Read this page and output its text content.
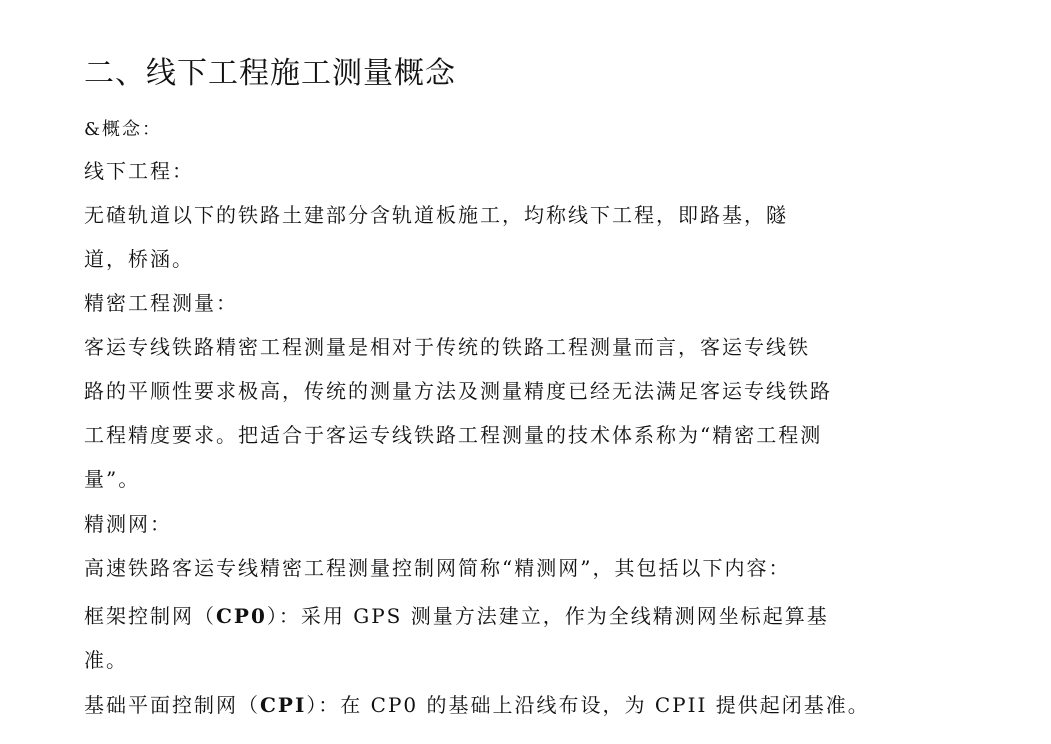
二、线下工程施工测量概念
&概念：
线下工程：
无碴轨道以下的铁路土建部分含轨道板施工，均称线下工程，即路基，隧
道，桥涵。
精密工程测量：
客运专线铁路精密工程测量是相对于传统的铁路工程测量而言，客运专线铁
路的平顺性要求极高，传统的测量方法及测量精度已经无法满足客运专线铁路
工程精度要求。把适合于客运专线铁路工程测量的技术体系称为“精密工程测
量”。
精测网：
高速铁路客运专线精密工程测量控制网简称“精测网”，其包括以下内容：
框架控制网（CP0）：采用 GPS 测量方法建立，作为全线精测网坐标起算基
准。
基础平面控制网（CPI）：在 CP0 的基础上沿线布设，为 CPII 提供起闭基准。
